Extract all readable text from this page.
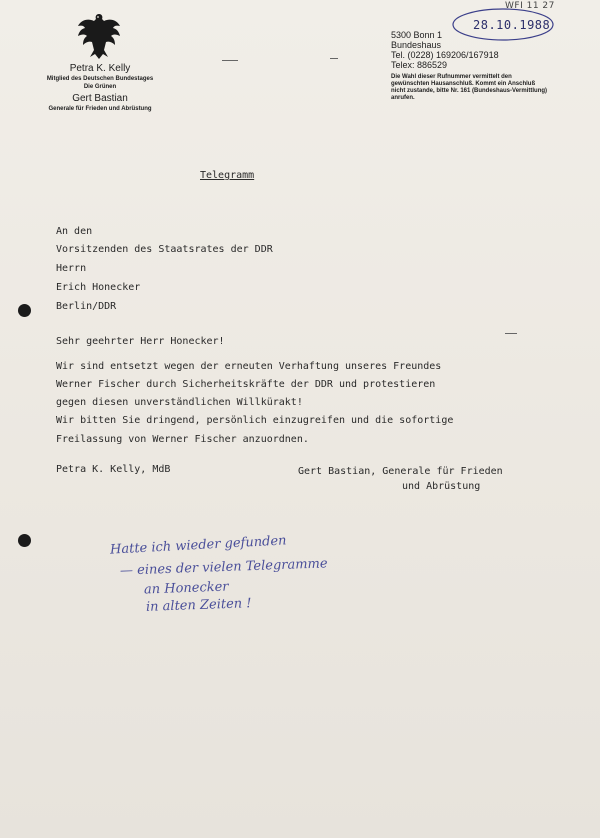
WFI 11 27
Petra K. Kelly
Mitglied des Deutschen Bundestages
Die Grünen
Gert Bastian
Generale für Frieden und Abrüstung
5300 Bonn 1
Bundeshaus
Tel. (0228) 169206/167918
Telex: 886529
Die Wahl dieser Rufnummer vermittelt den gewünschten Hausanschluß. Kommt ein Anschluß nicht zustande, bitte Nr. 161 (Bundeshaus-Vermittlung) anrufen.
28.10.1988
Telegramm
An den
Vorsitzenden des Staatsrates der DDR
Herrn
Erich Honecker
Berlin/DDR
Sehr geehrter Herr Honecker!
Wir sind entsetzt wegen der erneuten Verhaftung unseres Freundes
Werner Fischer durch Sicherheitskräfte der DDR und protestieren
gegen diesen unverständlichen Willkürakt!
Wir bitten Sie dringend, persönlich einzugreifen und die sofortige
Freilassung von Werner Fischer anzuordnen.
Petra K. Kelly, MdB	Gert Bastian, Generale für Frieden
und Abrüstung
Hatte ich wieder gefunden
— eines der vielen Telegramme
an Honecker
in alten Zeiten !
